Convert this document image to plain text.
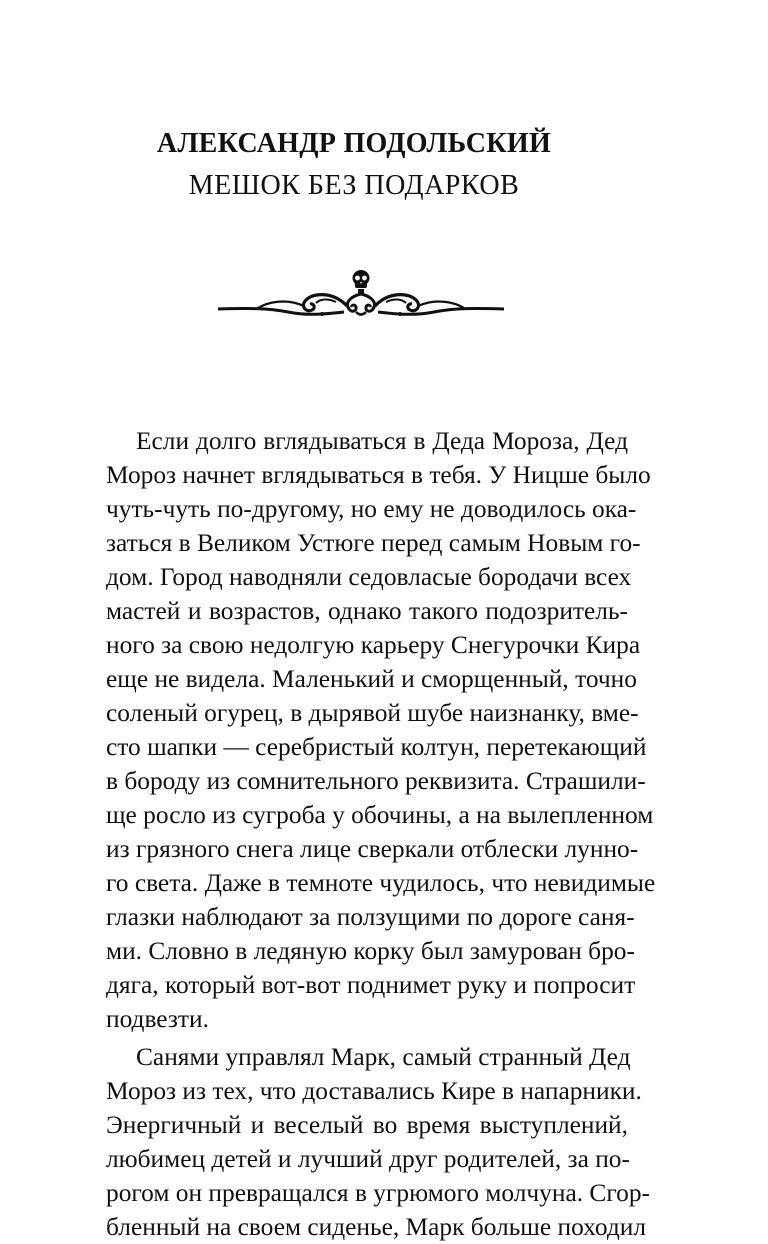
АЛЕКСАНДР ПОДОЛЬСКИЙ
МЕШОК БЕЗ ПОДАРКОВ
Если долго вглядываться в Деда Мороза, Дед
Мороз начнет вглядываться в тебя. У Ницше было
чуть-чуть по-другому, но ему не доводилось ока-
заться в Великом Устюге перед самым Новым го-
дом. Город наводняли седовласые бородачи всех
мастей и возрастов, однако такого подозритель-
ного за свою недолгую карьеру Снегурочки Кира
еще не видела. Маленький и сморщенный, точно
соленый огурец, в дырявой шубе наизнанку, вме-
сто шапки — серебристый колтун, перетекающий
в бороду из сомнительного реквизита. Страшили-
ще росло из сугроба у обочины, а на вылепленном
из грязного снега лице сверкали отблески лунно-
го света. Даже в темноте чудилось, что невидимые
глазки наблюдают за ползущими по дороге саня-
ми. Словно в ледяную корку был замурован бро-
дяга, который вот-вот поднимет руку и попросит
подвезти.
Санями управлял Марк, самый странный Дед
Мороз из тех, что доставались Кире в напарники.
Энергичный и веселый во время выступлений,
любимец детей и лучший друг родителей, за по-
рогом он превращался в угрюмого молчуна. Сгор-
бленный на своем сиденье, Марк больше походил
